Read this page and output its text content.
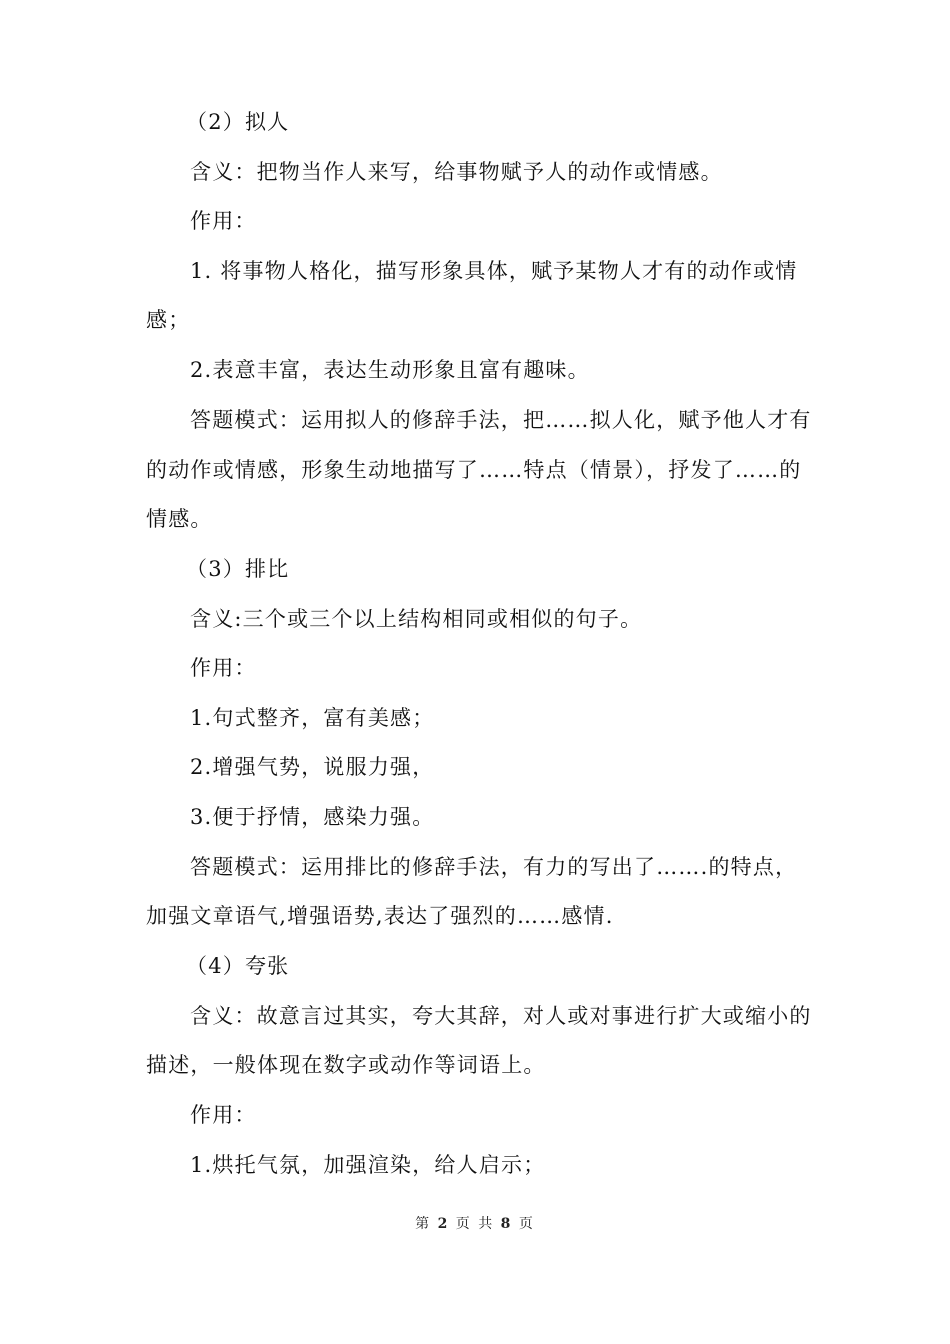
（2）拟人
含义：把物当作人来写，给事物赋予人的动作或情感。
作用：
1. 将事物人格化，描写形象具体，赋予某物人才有的动作或情
感；
2.表意丰富，表达生动形象且富有趣味。
答题模式：运用拟人的修辞手法，把……拟人化，赋予他人才有
的动作或情感，形象生动地描写了……特点（情景），抒发了……的
情感。
（3）排比
含义:三个或三个以上结构相同或相似的句子。
作用：
1.句式整齐，富有美感；
2.增强气势，说服力强，
3.便于抒情，感染力强。
答题模式：运用排比的修辞手法，有力的写出了…….的特点，
加强文章语气,增强语势,表达了强烈的……感情.
（4）夸张
含义：故意言过其实，夸大其辞，对人或对事进行扩大或缩小的
描述，一般体现在数字或动作等词语上。
作用：
1.烘托气氛，加强渲染，给人启示；
第 2 页 共 8 页
